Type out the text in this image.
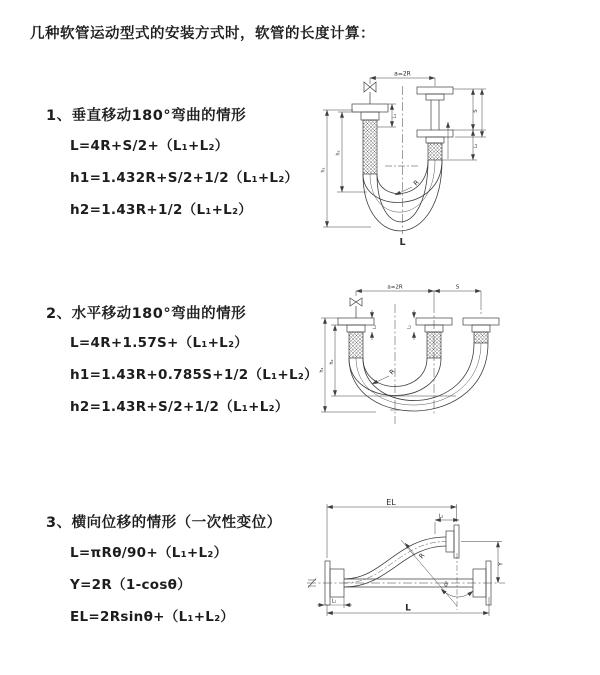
几种软管运动型式的安装方式时，软管的长度计算：
1、垂直移动180°弯曲的情形
L=4R+S/2+（L₁+L₂）
h1=1.432R+S/2+1/2（L₁+L₂）
h2=1.43R+1/2（L₁+L₂）
a=2R
S
L₂
L₁
h₁
h₂
R
L
2、水平移动180°弯曲的情形
L=4R+1.57S+（L₁+L₂）
h1=1.43R+0.785S+1/2（L₁+L₂）
h2=1.43R+S/2+1/2（L₁+L₂）
a=2R	S
L₁	L₂
h₁
h₂
R
3、横向位移的情形（一次性变位）
L=πRθ/90+（L₁+L₂）
Y=2R（1-cosθ）
EL=2Rsinθ+（L₁+L₂）
EL
L₂
Y
L
L₁
R
θ
